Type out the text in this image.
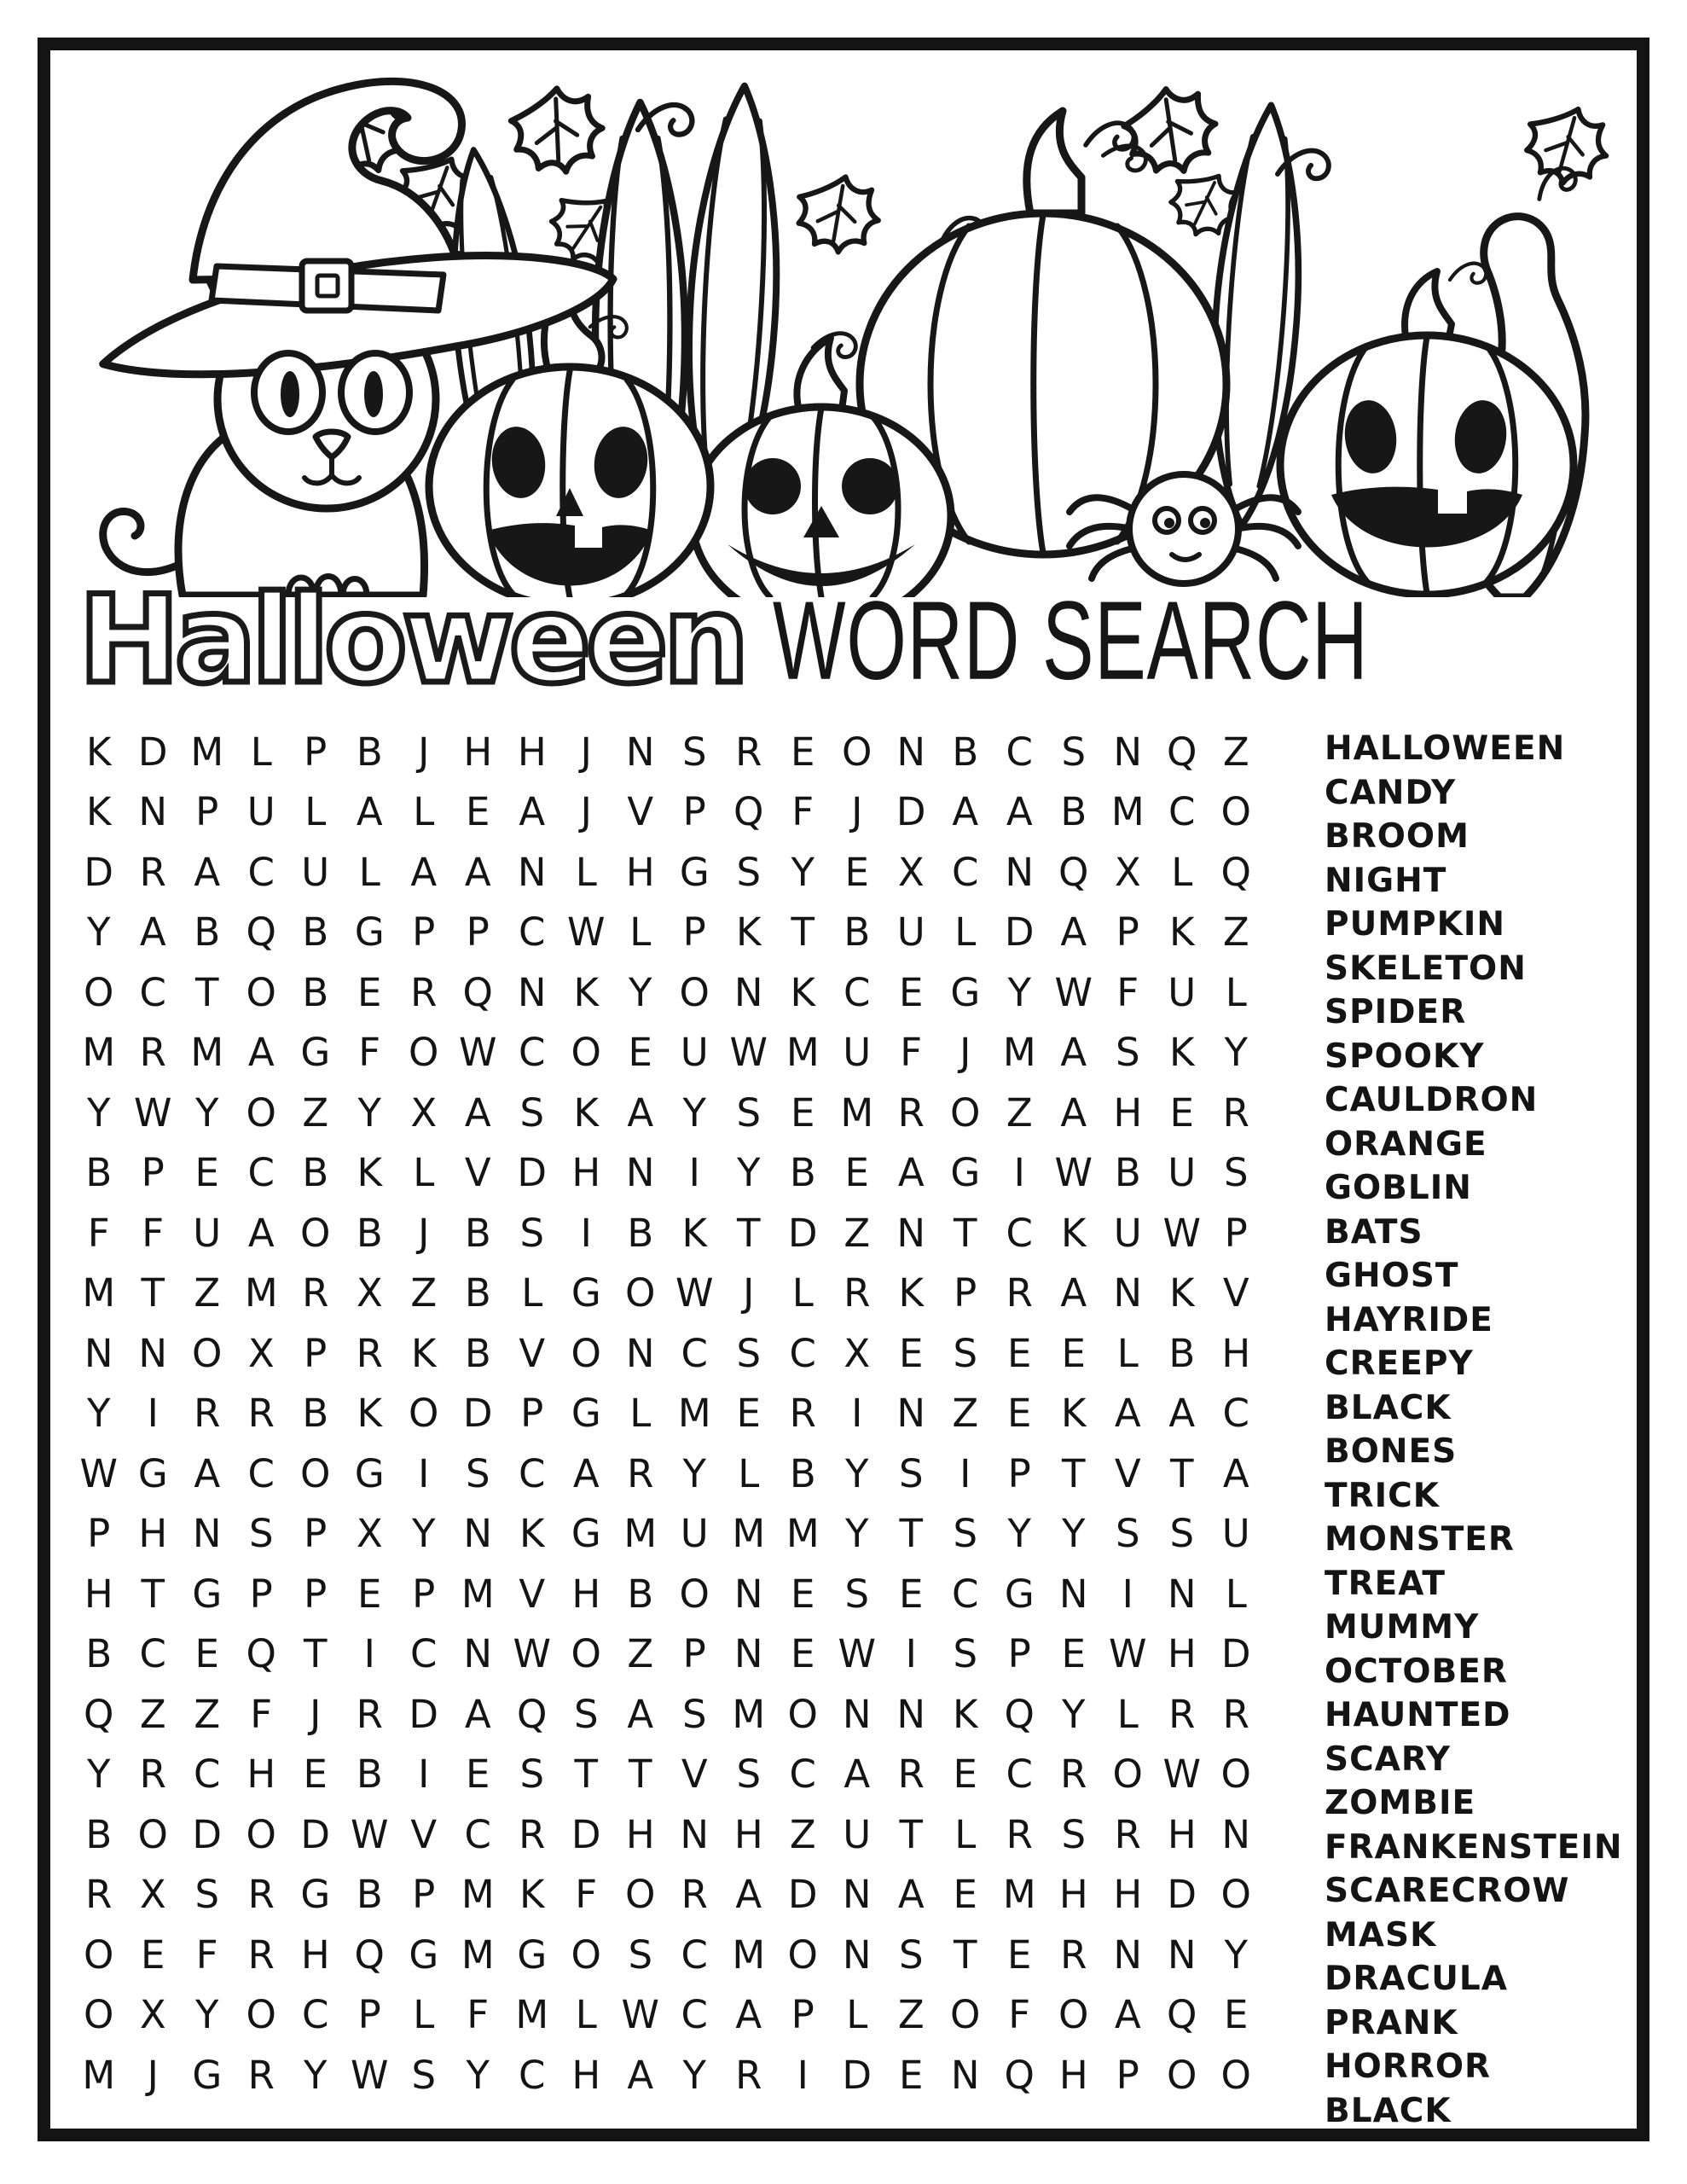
Halloween WORD SEARCH
K D M L P B J H H J N S R E O N B C S N Q Z
K N P U L A L E A J V P Q F J D A A B M C O
D R A C U L A A N L H G S Y E X C N Q X L Q
Y A B Q B G P P C W L P K T B U L D A P K Z
O C T O B E R Q N K Y O N K C E G Y W F U L
M R M A G F O W C O E U W M U F J M A S K Y
Y W Y O Z Y X A S K A Y S E M R O Z A H E R
B P E C B K L V D H N I Y B E A G I W B U S
F F U A O B J B S I B K T D Z N T C K U W P
M T Z M R X Z B L G O W J L R K P R A N K V
N N O X P R K B V O N C S C X E S E E L B H
Y I R R B K O D P G L M E R I N Z E K A A C
W G A C O G I S C A R Y L B Y S I P T V T A
P H N S P X Y N K G M U M M Y T S Y Y S S U
H T G P P E P M V H B O N E S E C G N I N L
B C E Q T I C N W O Z P N E W I S P E W H D
Q Z Z F J R D A Q S A S M O N N K Q Y L R R
Y R C H E B I E S T T V S C A R E C R O W O
B O D O D W V C R D H N H Z U T L R S R H N
R X S R G B P M K F O R A D N A E M H H D O
O E F R H Q G M G O S C M O N S T E R N N Y
O X Y O C P L F M L W C A P L Z O F O A Q E
M J G R Y W S Y C H A Y R I D E N Q H P O O
HALLOWEEN
CANDY
BROOM
NIGHT
PUMPKIN
SKELETON
SPIDER
SPOOKY
CAULDRON
ORANGE
GOBLIN
BATS
GHOST
HAYRIDE
CREEPY
BLACK
BONES
TRICK
MONSTER
TREAT
MUMMY
OCTOBER
HAUNTED
SCARY
ZOMBIE
FRANKENSTEIN
SCARECROW
MASK
DRACULA
PRANK
HORROR
BLACK
